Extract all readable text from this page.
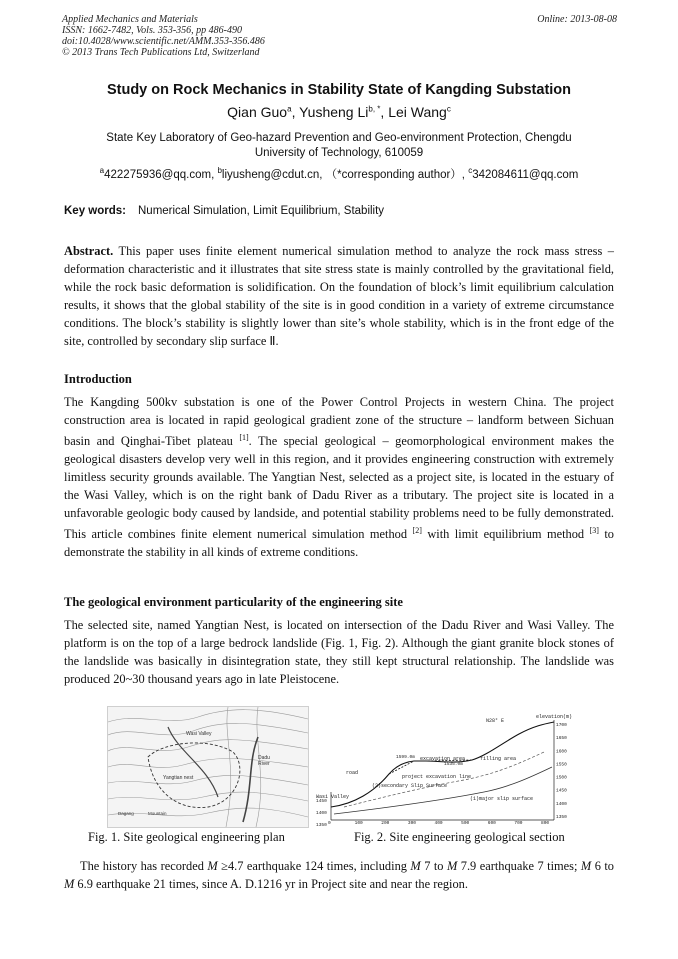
Applied Mechanics and Materials
ISSN: 1662-7482, Vols. 353-356, pp 486-490
doi:10.4028/www.scientific.net/AMM.353-356.486
© 2013 Trans Tech Publications Ltd, Switzerland
Online: 2013-08-08
Study on Rock Mechanics in Stability State of Kangding Substation
Qian Guo$^a$, Yusheng $Li^{b, *}$, Lei Wang$^c$
State Key Laboratory of Geo-hazard Prevention and Geo-environment Protection, Chengdu
University of Technology, 610059
$^a$422275936@qq.com, $^b$liyusheng@cdut.cn, （*corresponding author）, $^c$342084611@qq.com
Key words: Numerical Simulation, Limit Equilibrium, Stability
Abstract. This paper uses finite element numerical simulation method to analyze the rock mass stress – deformation characteristic and it illustrates that site stress state is mainly controlled by the gravitational field, while the rock basic deformation is solidification. On the foundation of block’s limit equilibrium calculation results, it shows that the global stability of the site is in good condition in a variety of extreme circumstance conditions. The block’s stability is slightly lower than site’s whole stability, which is in the front edge of the site, controlled by secondary slip surface Ⅱ.
Introduction
The Kangding 500kv substation is one of the Power Control Projects in western China. The project construction area is located in rapid geological gradient zone of the structure – landform between Sichuan basin and Qinghai-Tibet plateau [1]. The special geological – geomorphological environment makes the geological disasters develop very well in this region, and it provides engineering construction with extremely limitless security grounds available. The Yangtian Nest, selected as a project site, is located in the estuary of the Wasi Valley, which is on the right bank of Dadu River as a tributary. The project site is located in a unfavorable geologic body caused by landside, and potential stability problems need to be fully demonstrated. This article combines finite element numerical simulation method [2] with limit equilibrium method [3] to demonstrate the stability in all kinds of extreme conditions.
The geological environment particularity of the engineering site
The selected site, named Yangtian Nest, is located on intersection of the Dadu River and Wasi Valley. The platform is on the top of a large bedrock landslide (Fig. 1, Fig. 2). Although the giant granite block stones of the landslide was basically in disintegration state, they still kept structural relationship. The landslide was produced 20~30 thousand years ago in late Pleistocene.
Wasi Valley
Dadu
River
Yangtian nest
Dagang	Mountain
elevation(m)
N28° E
excavation area	filling area
1599.0m
1535.0m
road
project excavation line
(2)secondary Slip Surface
(1)major slip surface
Wasi Valley
0	100	200	300	400	500	600	700	800
1700
1650
1600
1550
1500
1450
1400
1350
1450
1400
1350
Fig. 1. Site geological engineering plan	Fig. 2. Site engineering geological section
The history has recorded M ≥4.7 earthquake 124 times, including M 7 to M 7.9 earthquake 7 times; M 6 to M 6.9 earthquake 21 times, since A. D.1216 yr in Project site and near the region.
